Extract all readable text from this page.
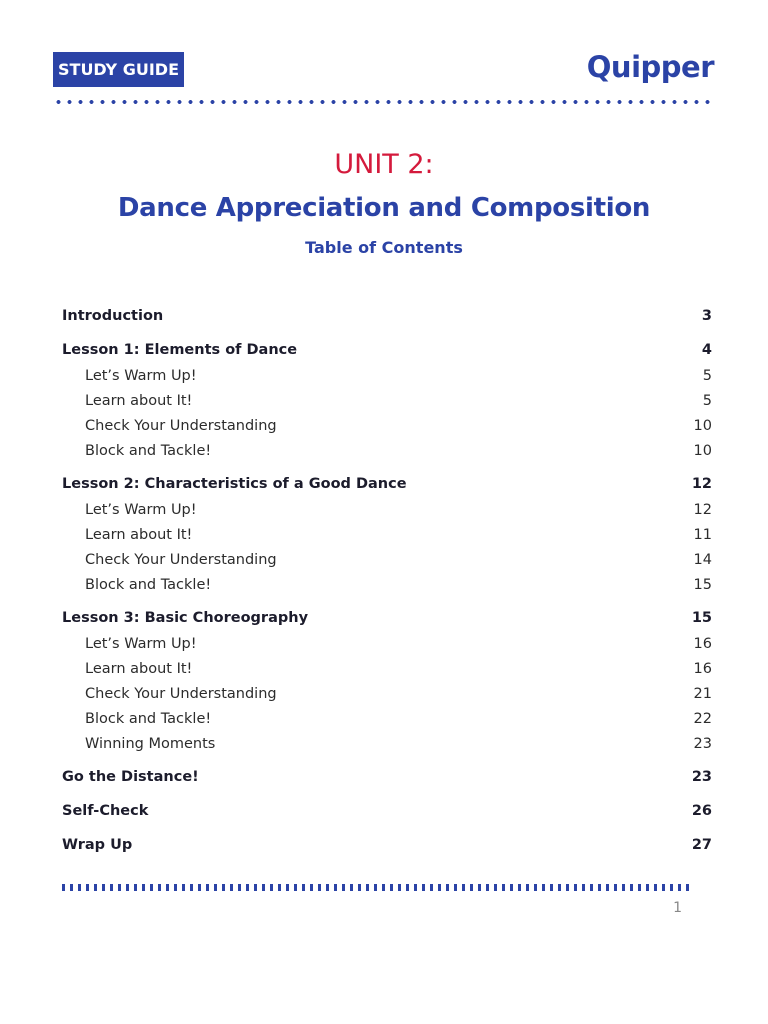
STUDY GUIDE	Quipper
UNIT 2:
Dance Appreciation and Composition
Table of Contents
Introduction	3
Lesson 1: Elements of Dance	4
Let’s Warm Up!	5
Learn about It!	5
Check Your Understanding	10
Block and Tackle!	10
Lesson 2: Characteristics of a Good Dance	12
Let’s Warm Up!	12
Learn about It!	11
Check Your Understanding	14
Block and Tackle!	15
Lesson 3: Basic Choreography	15
Let’s Warm Up!	16
Learn about It!	16
Check Your Understanding	21
Block and Tackle!	22
Winning Moments	23
Go the Distance!	23
Self-Check	26
Wrap Up	27
1
